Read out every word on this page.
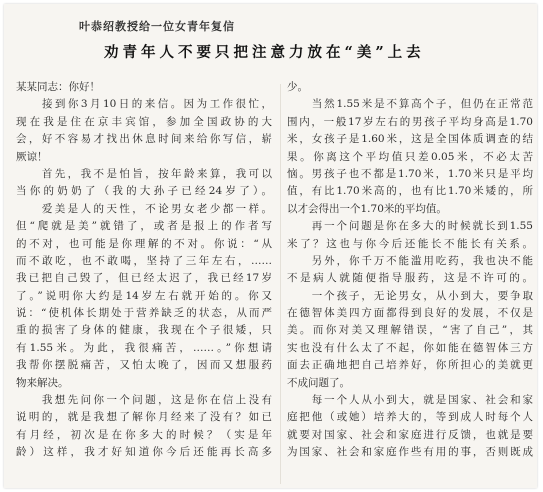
叶恭绍教授给一位女青年复信
劝青年人不要只把注意力放在“美”上去
某某同志：你好！
　　接到你3月10日的来信。因为工作很忙，
现在我是住在京丰宾馆，参加全国政协的大
会，好不容易才找出休息时间来给你写信，崭
厥谅！
　　首先，我不是怕旨，按年龄来算，我可以
当你的奶奶了（我的大孙子已经24岁了）。
　　爱美是人的天性，不论男女老少都一样。
但“爬就是美”就错了，或者是报上的作者写
的不对，也可能是你理解的不对。你说：“从
而不敢吃，也不敢喝，坚持了三年左右，……
我已把自己毁了，但已经太迟了，我已经17岁
了。”说明你大约是14岁左右就开始的。你又
说：“使机体长期处于营养缺乏的状态，从而严
重的损害了身体的健康，我现在个子很矮，只
有1.55米。为此，我很痛苦，……。”你想请
我帮你摆脱痛苦，又怕太晚了，因而又想服药
物来解决。
　　我想先问你一个问题，这是你在信上没有
说明的，就是我想了解你月经来了没有？如已
有月经，初次是在你多大的时候？（实是年
龄）这样，我才好知道你今后还能再长高多
少。
　　当然1.55米是不算高个子，但仍在正常范
围内，一般17岁左右的男孩子平均身高是1.70
米，女孩子是1.60米，这是全国体质调查的结
果。你离这个平均值只差0.05米，不必太苦
恼。男孩子也不都是1.70米，1.70米只是平均
值，有比1.70米高的，也有比1.70米矮的，所
以才会得出一个1.70米的平均值。
　　再一个问题是你在多大的时候就长到1.55
米了？这也与你今后还能长不能长有关系。
　　另外，你千万不能滥用吃药，我也决不能
不是病人就随便指导服药，这是不许可的。
　　一个孩子，无论男女，从小到大，要争取
在德智体美四方面都得到良好的发展，不仅是
美。而你对美又理解错误，“害了自己”，其
实也没有什么太了不起，你如能在德智体三方
面去正确地把自己培养好，你所担心的美就更
不成问题了。
　　每一个人从小到大，就是国家、社会和家
庭把他（或她）培养大的，等到成人时每个人
就要对国家、社会和家庭进行反馈，也就是要
为国家、社会和家庭作些有用的事，否则既成
